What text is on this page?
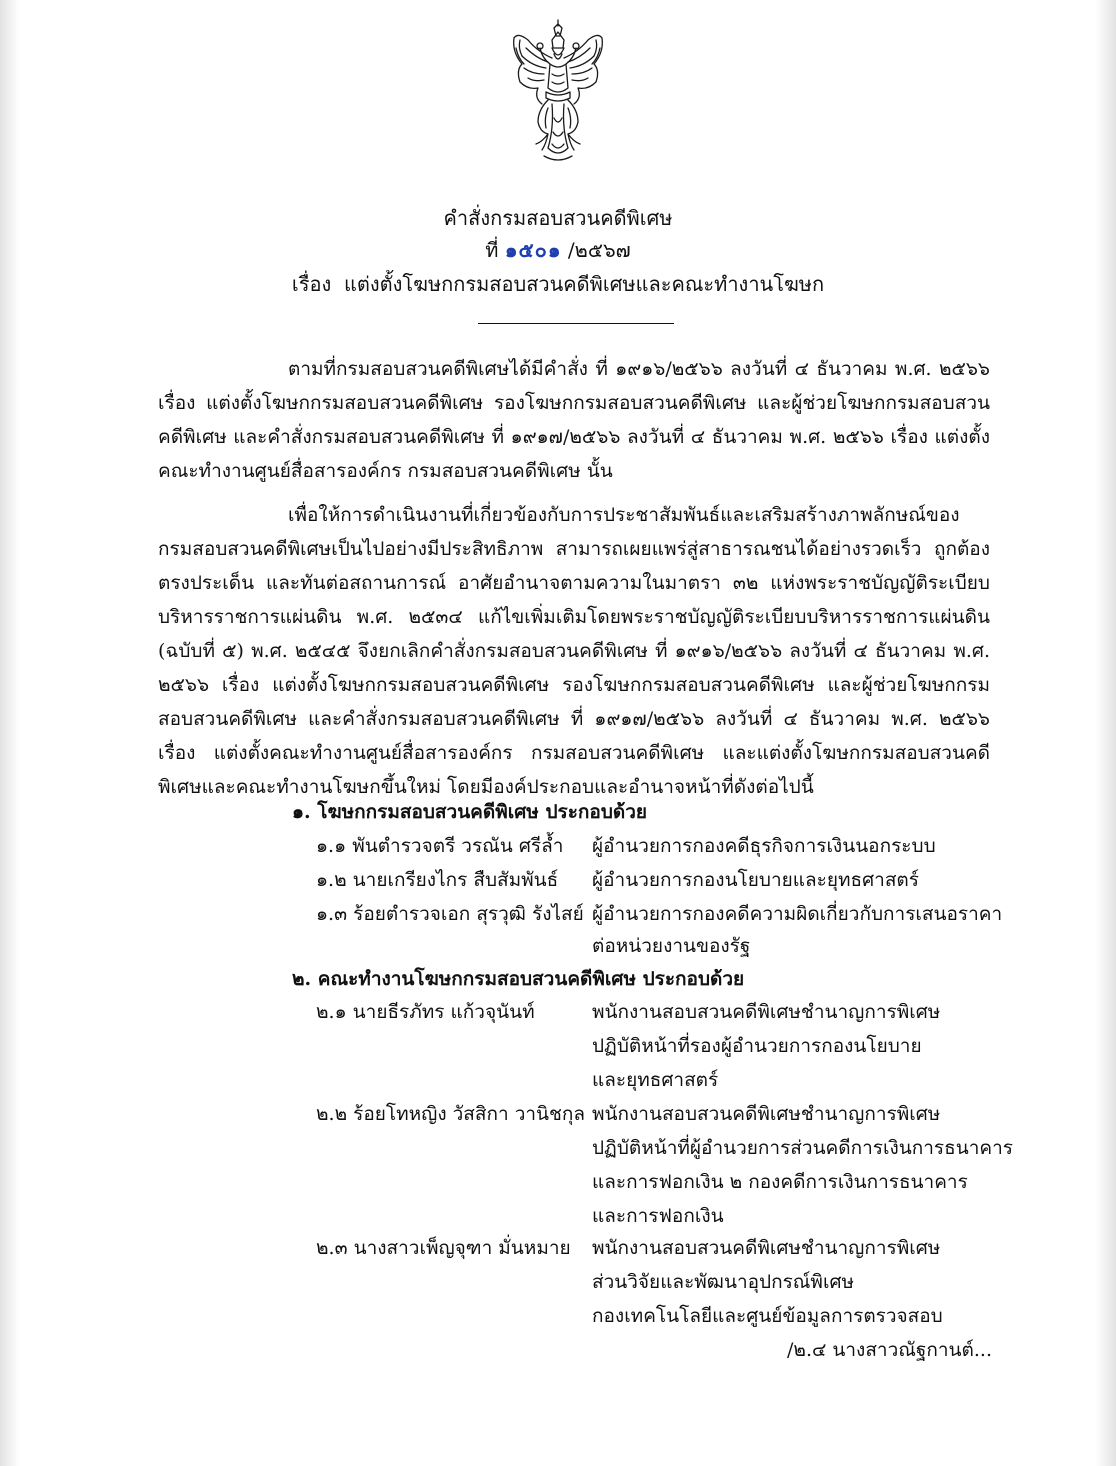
คำสั่งกรมสอบสวนคดีพิเศษ
ที่ ๑๕๐๑ /๒๕๖๗
เรื่อง แต่งตั้งโฆษกกรมสอบสวนคดีพิเศษและคณะทำงานโฆษก

ตามที่กรมสอบสวนคดีพิเศษได้มีคำสั่ง ที่ ๑๙๑๖/๒๕๖๖ ลงวันที่ ๔ ธันวาคม พ.ศ. ๒๕๖๖ เรื่อง แต่งตั้งโฆษกกรมสอบสวนคดีพิเศษ รองโฆษกกรมสอบสวนคดีพิเศษ และผู้ช่วยโฆษกกรมสอบสวนคดีพิเศษ และคำสั่งกรมสอบสวนคดีพิเศษ ที่ ๑๙๑๗/๒๕๖๖ ลงวันที่ ๔ ธันวาคม พ.ศ. ๒๕๖๖ เรื่อง แต่งตั้งคณะทำงานศูนย์สื่อสารองค์กร กรมสอบสวนคดีพิเศษ นั้น

เพื่อให้การดำเนินงานที่เกี่ยวข้องกับการประชาสัมพันธ์และเสริมสร้างภาพลักษณ์ของกรมสอบสวนคดีพิเศษเป็นไปอย่างมีประสิทธิภาพ สามารถเผยแพร่สู่สาธารณชนได้อย่างรวดเร็ว ถูกต้อง ตรงประเด็น และทันต่อสถานการณ์ อาศัยอำนาจตามความในมาตรา ๓๒ แห่งพระราชบัญญัติระเบียบบริหารราชการแผ่นดิน พ.ศ. ๒๕๓๔ แก้ไขเพิ่มเติมโดยพระราชบัญญัติระเบียบบริหารราชการแผ่นดิน (ฉบับที่ ๕) พ.ศ. ๒๕๔๕ จึงยกเลิกคำสั่งกรมสอบสวนคดีพิเศษ ที่ ๑๙๑๖/๒๕๖๖ ลงวันที่ ๔ ธันวาคม พ.ศ. ๒๕๖๖ เรื่อง แต่งตั้งโฆษกกรมสอบสวนคดีพิเศษ รองโฆษกกรมสอบสวนคดีพิเศษ และผู้ช่วยโฆษกกรมสอบสวนคดีพิเศษ และคำสั่งกรมสอบสวนคดีพิเศษ ที่ ๑๙๑๗/๒๕๖๖ ลงวันที่ ๔ ธันวาคม พ.ศ. ๒๕๖๖ เรื่อง แต่งตั้งคณะทำงานศูนย์สื่อสารองค์กร กรมสอบสวนคดีพิเศษ และแต่งตั้งโฆษกกรมสอบสวนคดีพิเศษและคณะทำงานโฆษกขึ้นใหม่ โดยมีองค์ประกอบและอำนาจหน้าที่ดังต่อไปนี้

๑. โฆษกกรมสอบสวนคดีพิเศษ ประกอบด้วย
๑.๑ พันตำรวจตรี วรณัน ศรีล้ำ ผู้อำนวยการกองคดีธุรกิจการเงินนอกระบบ
๑.๒ นายเกรียงไกร สืบสัมพันธ์ ผู้อำนวยการกองนโยบายและยุทธศาสตร์
๑.๓ ร้อยตำรวจเอก สุรวุฒิ รังไสย์ ผู้อำนวยการกองคดีความผิดเกี่ยวกับการเสนอราคา
ต่อหน่วยงานของรัฐ
๒. คณะทำงานโฆษกกรมสอบสวนคดีพิเศษ ประกอบด้วย
๒.๑ นายธีรภัทร แก้วจุนันท์	พนักงานสอบสวนคดีพิเศษชำนาญการพิเศษ
ปฏิบัติหน้าที่รองผู้อำนวยการกองนโยบาย
และยุทธศาสตร์
๒.๒ ร้อยโทหญิง วัสสิกา วานิชกุล พนักงานสอบสวนคดีพิเศษชำนาญการพิเศษ
ปฏิบัติหน้าที่ผู้อำนวยการส่วนคดีการเงินการธนาคาร
และการฟอกเงิน ๒ กองคดีการเงินการธนาคาร
และการฟอกเงิน
๒.๓ นางสาวเพ็ญจุฑา มั่นหมาย พนักงานสอบสวนคดีพิเศษชำนาญการพิเศษ
ส่วนวิจัยและพัฒนาอุปกรณ์พิเศษ
กองเทคโนโลยีและศูนย์ข้อมูลการตรวจสอบ
/๒.๔ นางสาวณัฐกานต์...
